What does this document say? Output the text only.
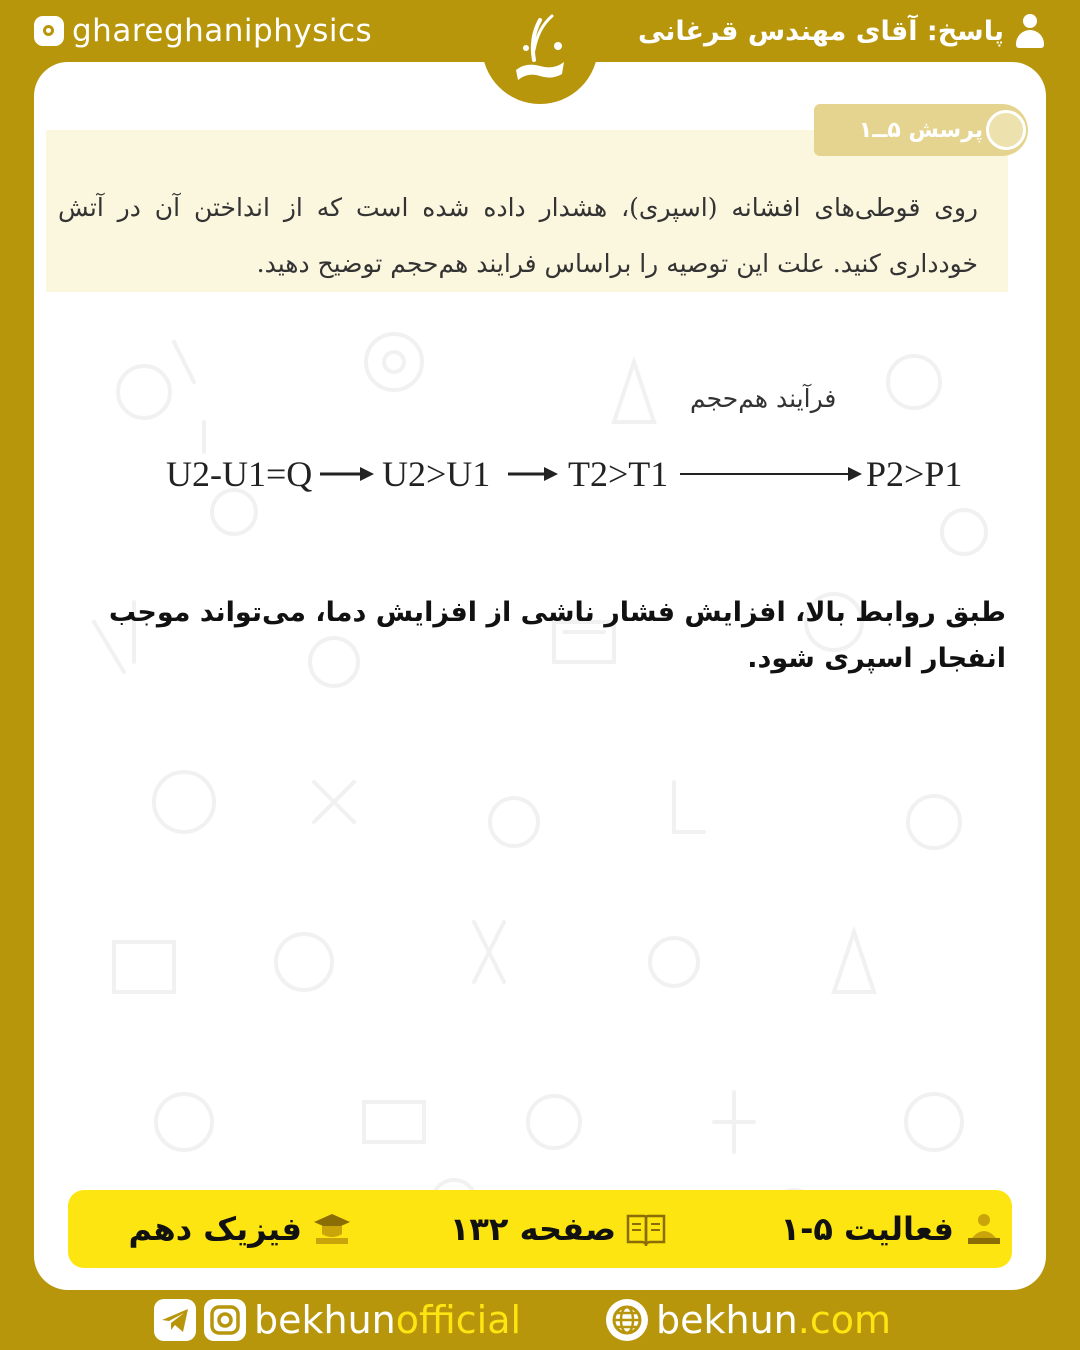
ghareghaniphysics	پاسخ: آقای مهندس قرغانی
پرسش ۵ــ۱
روی قوطی‌های افشانه (اسپری)، هشدار داده شده است که از انداختن آن در آتش خودداری کنید. علت این توصیه را براساس فرایند هم‌حجم توضیح دهید.
فرآیند هم‌حجم
U2-U1=Q U2>U1 T2>T1	P2>P1
طبق روابط بالا، افزایش فشار ناشی از افزایش دما، می‌تواند موجب انفجار اسپری شود.
فعالیت ۵-۱
صفحه ۱۳۲
فیزیک دهم
bekhunofficial	bekhun.com
